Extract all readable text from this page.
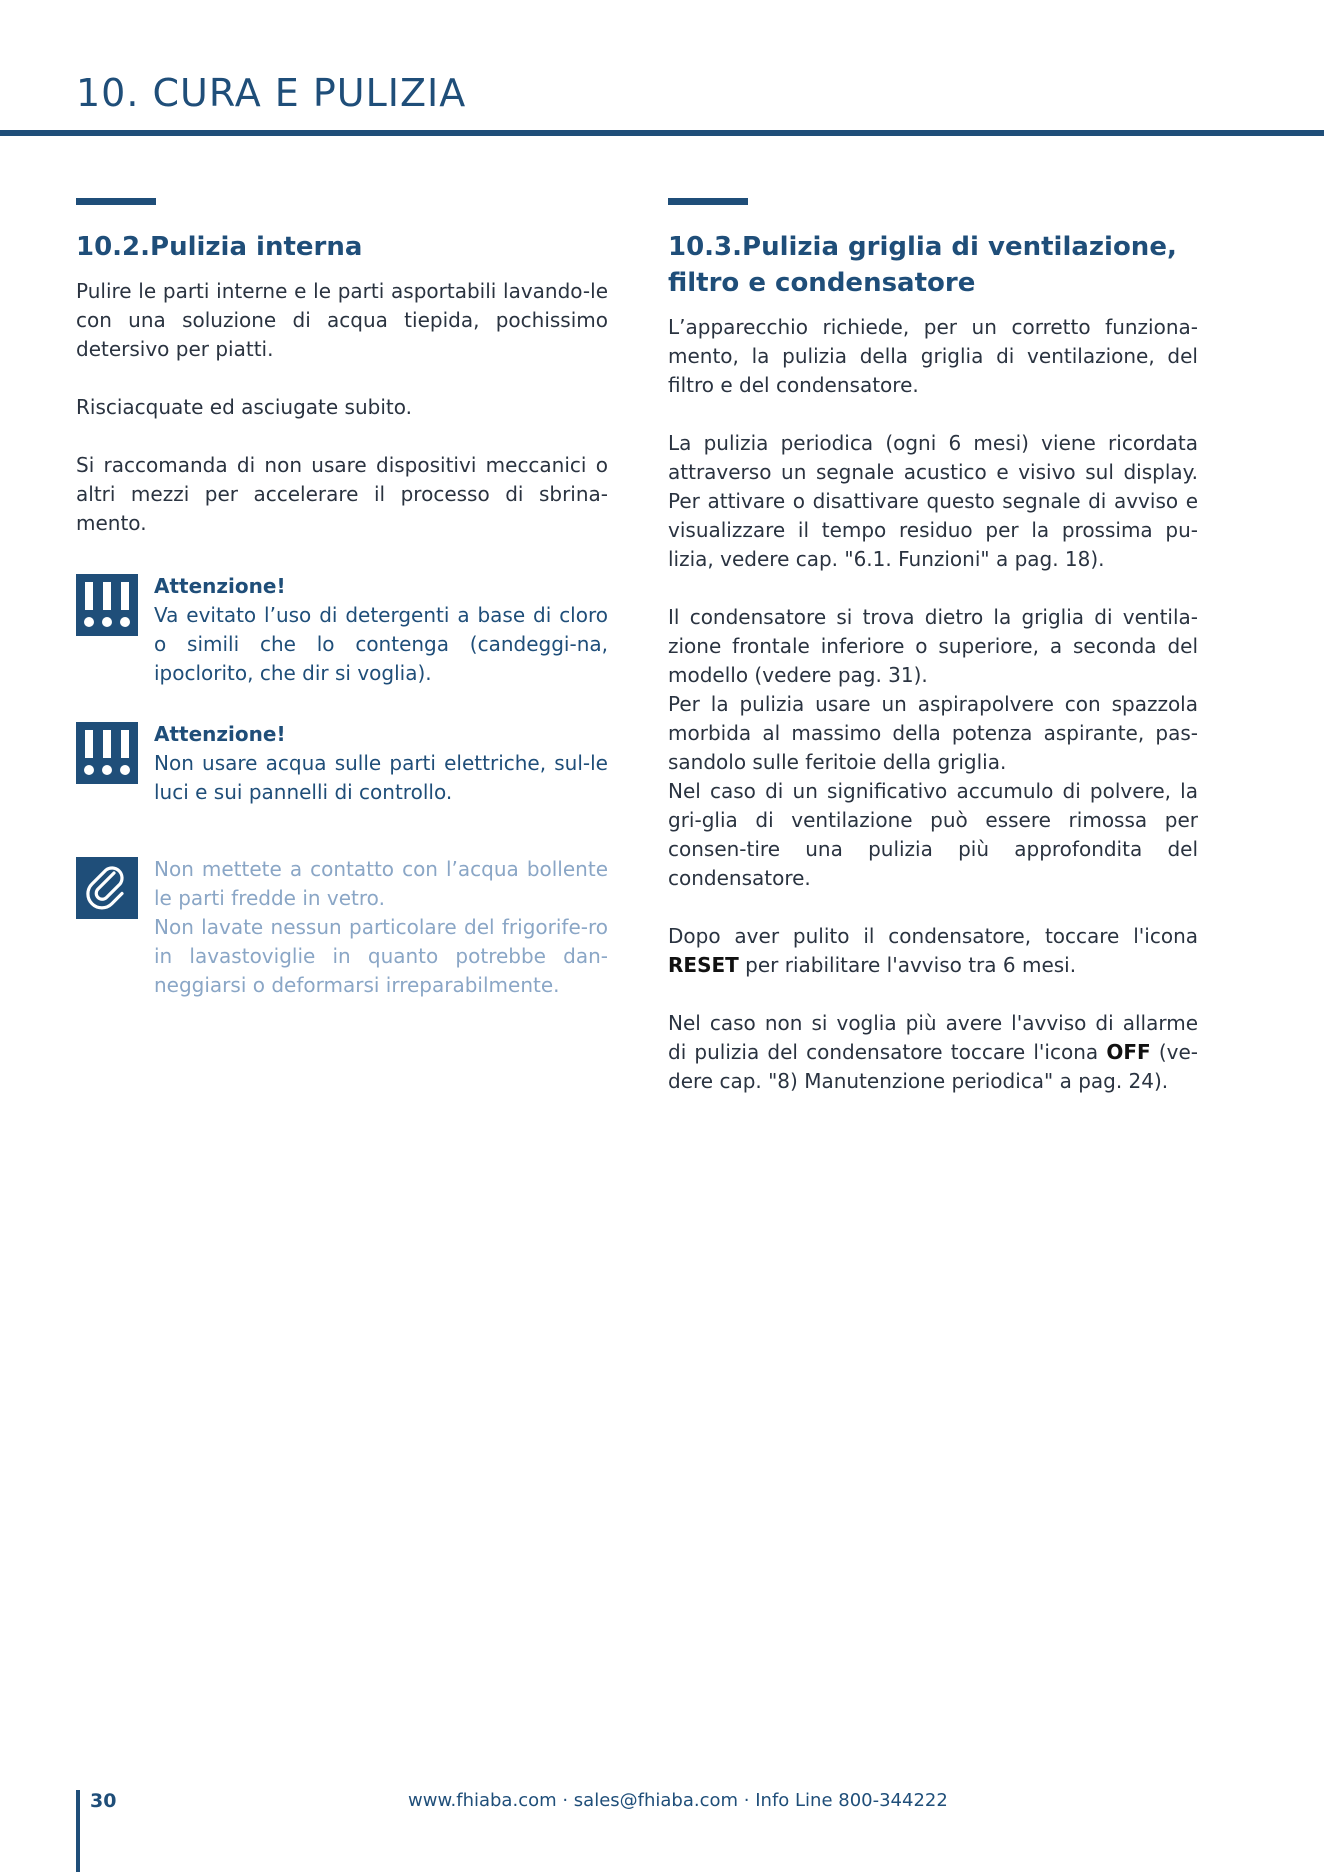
10. CURA E PULIZIA
10.2.Pulizia interna

Pulire le parti interne e le parti asportabili lavando-le con una soluzione di acqua tiepida, pochissimo detersivo per piatti.

Risciacquate ed asciugate subito.

Si raccomanda di non usare dispositivi meccanici o altri mezzi per accelerare il processo di sbrina-mento.

Attenzione!
Va evitato l’uso di detergenti a base di cloro o simili che lo contenga (candeggi-na, ipoclorito, che dir si voglia).
Attenzione!
Non usare acqua sulle parti elettriche, sul-le luci e sui pannelli di controllo.
Non mettete a contatto con l’acqua bollente le parti fredde in vetro.
Non lavate nessun particolare del frigorife-ro in lavastoviglie in quanto potrebbe dan-neggiarsi o deformarsi irreparabilmente.
10.3.Pulizia griglia di ventilazione, filtro e condensatore

L’apparecchio richiede, per un corretto funziona-mento, la pulizia della griglia di ventilazione, del filtro e del condensatore.

La pulizia periodica (ogni 6 mesi) viene ricordata attraverso un segnale acustico e visivo sul display. Per attivare o disattivare questo segnale di avviso e visualizzare il tempo residuo per la prossima pu-lizia, vedere cap. "6.1. Funzioni" a pag. 18).

Il condensatore si trova dietro la griglia di ventila-zione frontale inferiore o superiore, a seconda del modello (vedere pag. 31).

Per la pulizia usare un aspirapolvere con spazzola morbida al massimo della potenza aspirante, pas-sandolo sulle feritoie della griglia.

Nel caso di un significativo accumulo di polvere, la gri-glia di ventilazione può essere rimossa per consen-tire una pulizia più approfondita del condensatore.

Dopo aver pulito il condensatore, toccare l'icona RESET per riabilitare l'avviso tra 6 mesi.

Nel caso non si voglia più avere l'avviso di allarme di pulizia del condensatore toccare l'icona OFF (ve-dere cap. "8) Manutenzione periodica" a pag. 24).

30	www.fhiaba.com · sales@fhiaba.com · Info Line 800-344222
